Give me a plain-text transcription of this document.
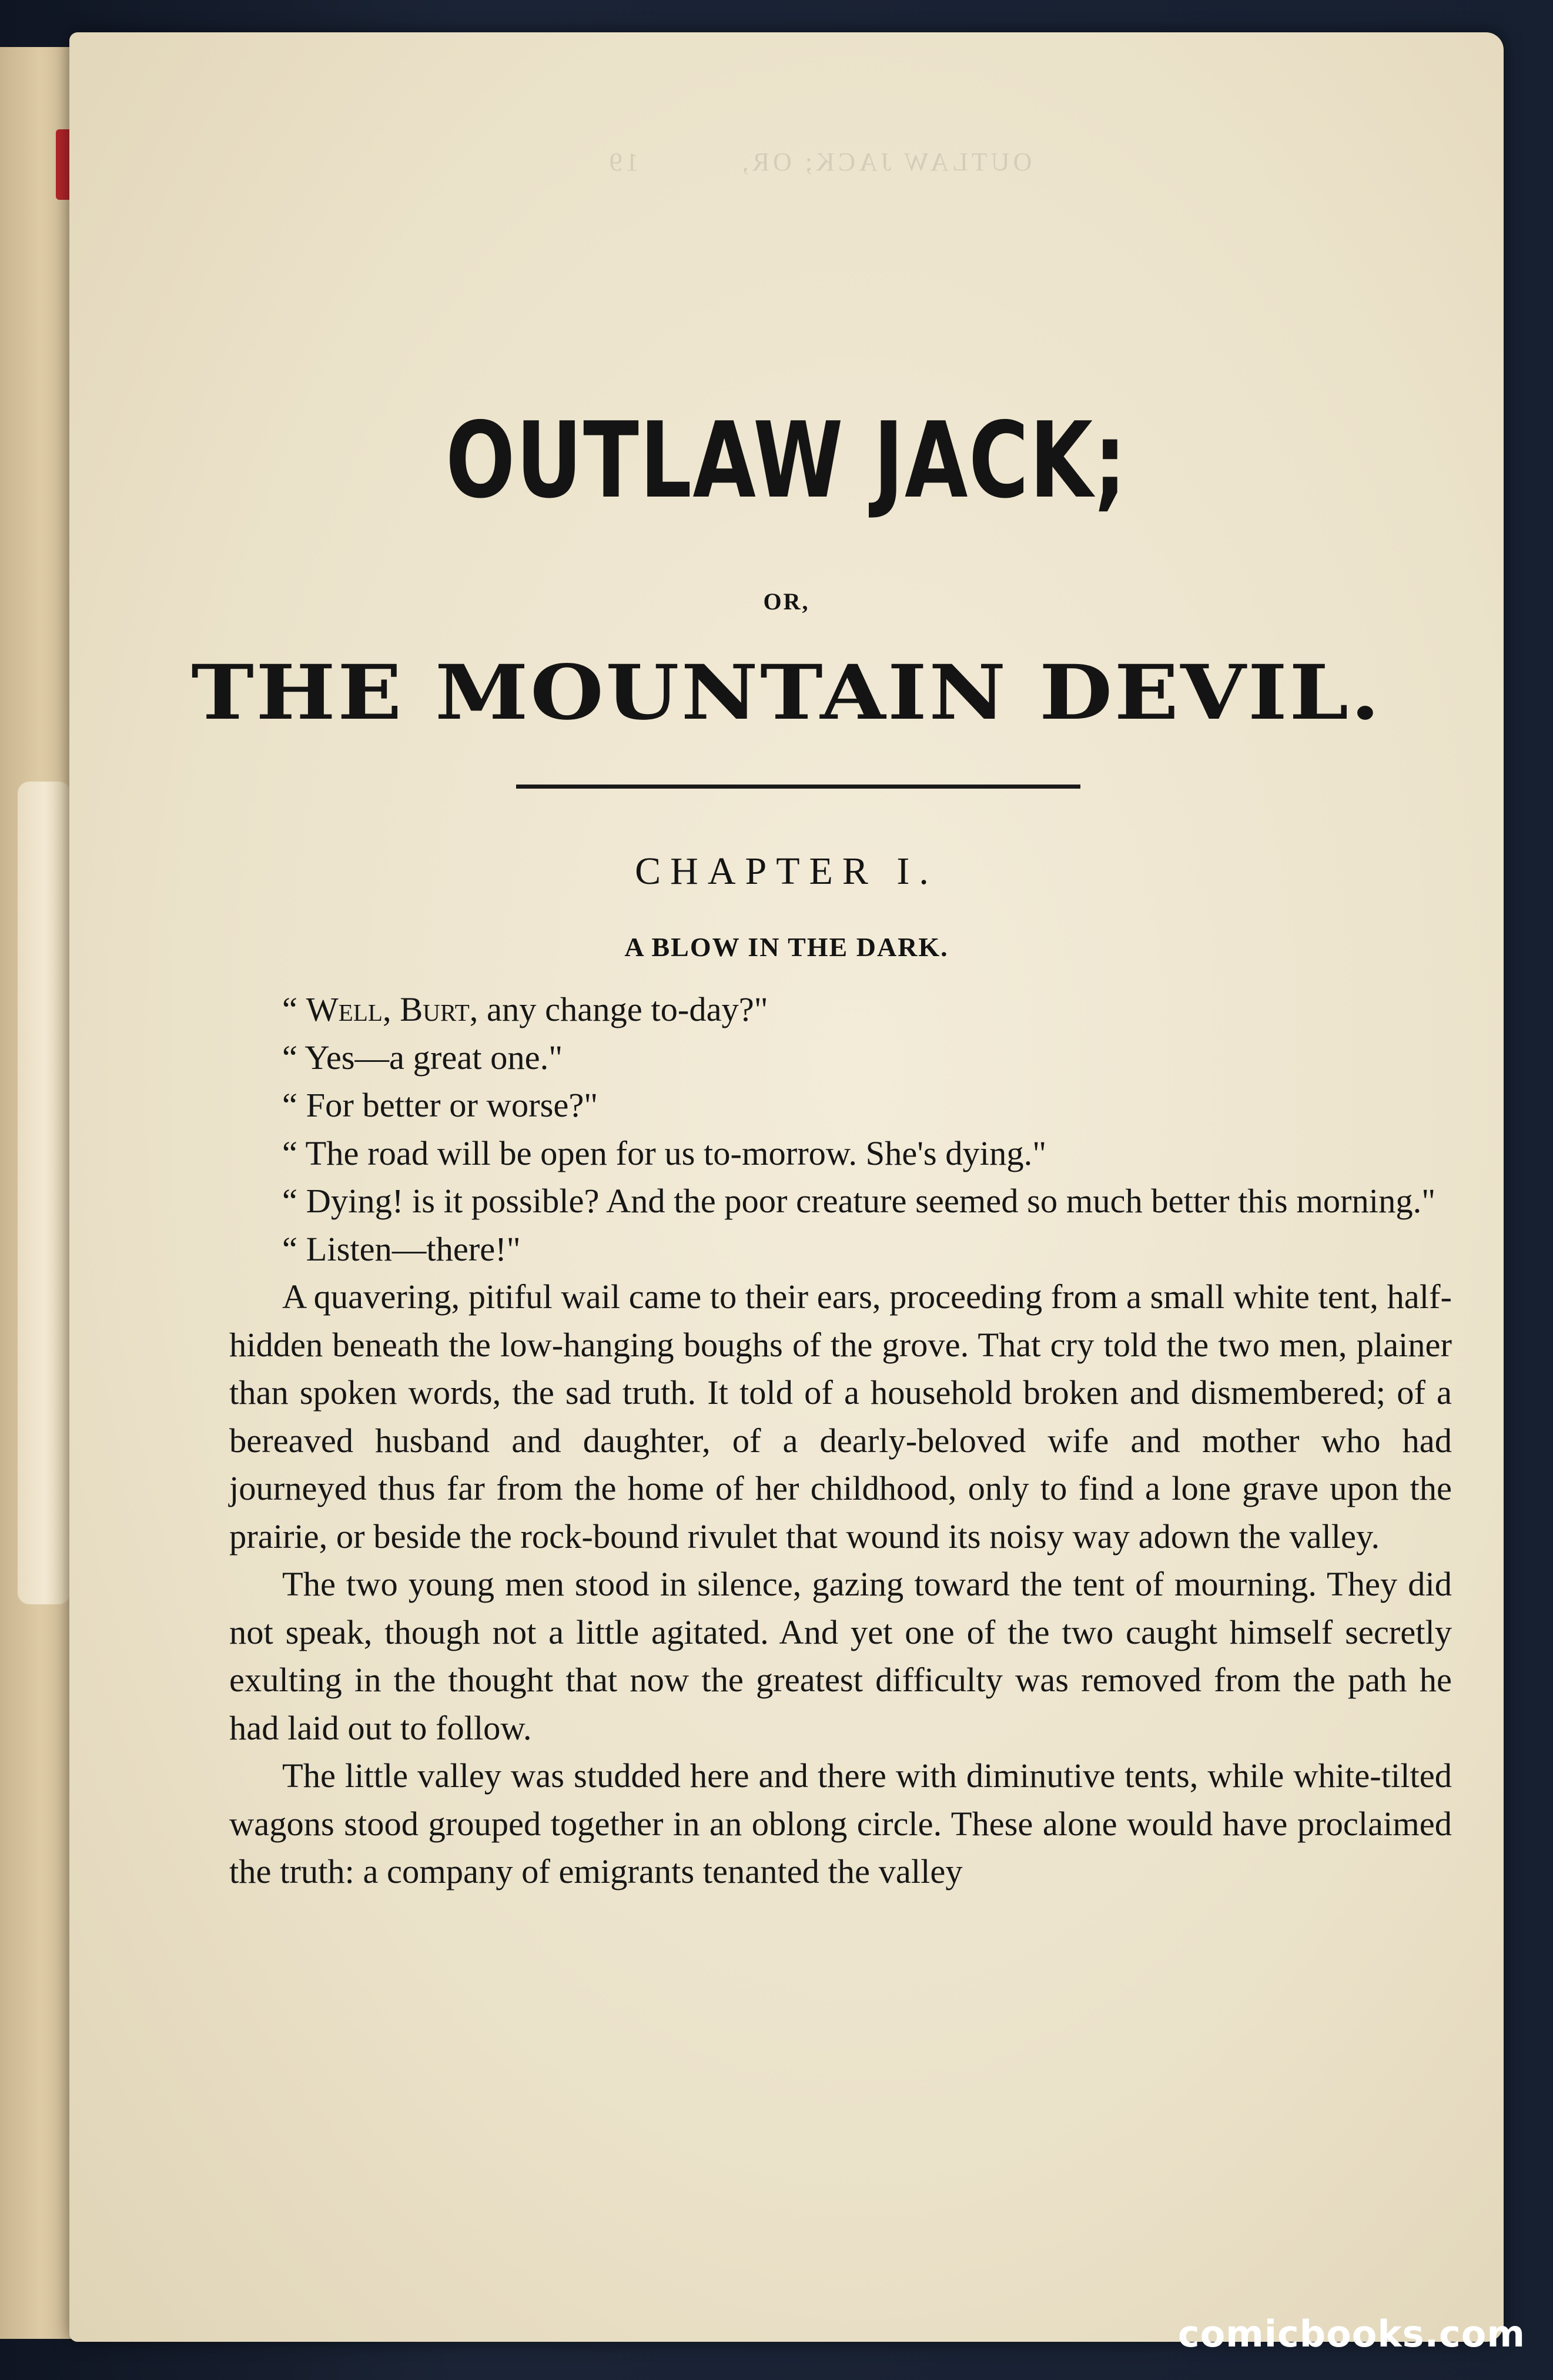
OUTLAW JACK; OR,          19
OUTLAW JACK;
OR,
THE MOUNTAIN DEVIL.
CHAPTER I.
A BLOW IN THE DARK.

“ Well, Burt, any change to-day?"

“ Yes—a great one."

“ For better or worse?"

“ The road will be open for us to-morrow. She's dying."

“ Dying! is it possible? And the poor creature seemed so much better this morning."

“ Listen—there!"

A quavering, pitiful wail came to their ears, proceeding from a small white tent, half-hidden beneath the low-hanging boughs of the grove. That cry told the two men, plainer than spoken words, the sad truth. It told of a household broken and dismembered; of a bereaved husband and daughter, of a dearly-beloved wife and mother who had journeyed thus far from the home of her childhood, only to find a lone grave upon the prairie, or beside the rock-bound rivulet that wound its noisy way adown the valley.

The two young men stood in silence, gazing toward the tent of mourning. They did not speak, though not a little agitated. And yet one of the two caught himself secretly exulting in the thought that now the greatest difficulty was removed from the path he had laid out to follow.

The little valley was studded here and there with diminutive tents, while white-tilted wagons stood grouped together in an oblong circle. These alone would have proclaimed the truth: a company of emigrants tenanted the valley

comicbooks.com
